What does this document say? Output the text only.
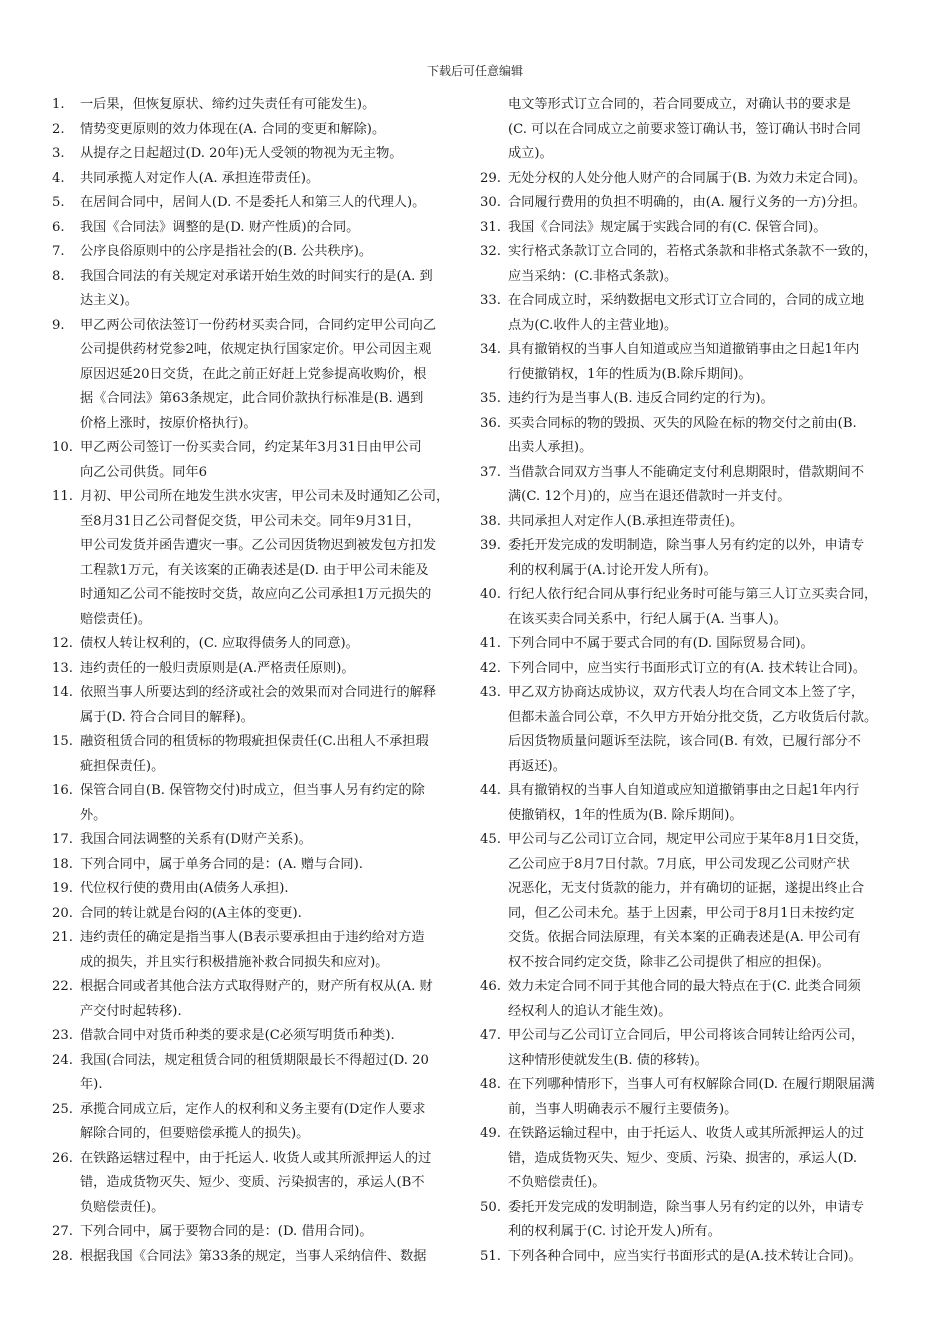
下载后可任意编辑
1.	一后果，但恢复原状、缔约过失责任有可能发生)。
2.	情势变更原则的效力体现在(A. 合同的变更和解除)。
3.	从提存之日起超过(D. 20年)无人受领的物视为无主物。
4.	共同承揽人对定作人(A. 承担连带责任)。
5.	在居间合同中，居间人(D. 不是委托人和第三人的代理人)。
6.	我国《合同法》调整的是(D. 财产性质)的合同。
7.	公序良俗原则中的公序是指社会的(B. 公共秩序)。
8.	我国合同法的有关规定对承诺开始生效的时间实行的是(A. 到
达主义)。
9.	甲乙两公司依法签订一份药材买卖合同，合同约定甲公司向乙
公司提供药材党参2吨，依规定执行国家定价。甲公司因主观
原因迟延20日交货，在此之前正好赶上党参提高收购价，根
据《合同法》第63条规定，此合同价款执行标准是(B. 遇到
价格上涨时，按原价格执行)。
10. 甲乙两公司签订一份买卖合同，约定某年3月31日由甲公司
向乙公司供货。同年6
11. 月初、甲公司所在地发生洪水灾害，甲公司未及时通知乙公司，
至8月31日乙公司督促交货，甲公司未交。同年9月31日，
甲公司发货并函告遭灾一事。乙公司因货物迟到被发包方扣发
工程款1万元，有关该案的正确表述是(D. 由于甲公司未能及
时通知乙公司不能按时交货，故应向乙公司承担1万元损失的
赔偿责任)。
12. 债权人转让权利的，(C. 应取得债务人的同意)。
13. 违约责任的一般归责原则是(A.严格责任原则)。
14. 依照当事人所要达到的经济或社会的效果而对合同进行的解释
属于(D. 符合合同目的解释)。
15. 融资租赁合同的租赁标的物瑕疵担保责任(C.出租人不承担瑕
疵担保责任)。
16. 保管合同自(B. 保管物交付)时成立，但当事人另有约定的除
外。
17. 我国合同法调整的关系有(D财产关系)。
18. 下列合同中，属于单务合同的是：(A. 赠与合同).
19. 代位权行使的费用由(A债务人承担).
20. 合同的转让就是台闷的(A主体的变更).
21. 违约责任的确定是指当事人(B表示要承担由于违约给对方造
成的损失，并且实行积极措施补救合同损失和应对)。
22. 根据合同或者其他合法方式取得财产的，财产所有权从(A. 财
产交付时起转移).
23. 借款合同中对货币种类的要求是(C必须写明货币种类).
24. 我国(合同法，规定租赁合同的租赁期限最长不得超过(D. 20
年).
25. 承揽合同成立后，定作人的权利和义务主要有(D定作人要求
解除合同的，但要赔偿承揽人的损失)。
26. 在铁路运辖过程中，由于托运人. 收货人或其所派押运人的过
错，造成货物灭失、短少、变质、污染损害的，承运人(B不
负赔偿责任)。
27. 下列合同中，属于要物合同的是：(D. 借用合同)。
28. 根据我国《合同法》第33条的规定，当事人采纳信件、数据
电文等形式订立合同的，若合同要成立，对确认书的要求是
(C. 可以在合同成立之前要求签订确认书，签订确认书时合同
成立)。
29. 无处分权的人处分他人财产的合同属于(B. 为效力未定合同)。
30. 合同履行费用的负担不明确的，由(A. 履行义务的一方)分担。
31. 我国《合同法》规定属于实践合同的有(C. 保管合同)。
32. 实行格式条款订立合同的，若格式条款和非格式条款不一致的，
应当采纳：(C.非格式条款)。
33. 在合同成立时，采纳数据电文形式订立合同的，合同的成立地
点为(C.收件人的主营业地)。
34. 具有撤销权的当事人自知道或应当知道撤销事由之日起1年内
行使撤销权，1年的性质为(B.除斥期间)。
35. 违约行为是当事人(B. 违反合同约定的行为)。
36. 买卖合同标的物的毁损、灭失的风险在标的物交付之前由(B.
出卖人承担)。
37. 当借款合同双方当事人不能确定支付利息期限时，借款期间不
满(C. 12个月)的，应当在退还借款时一并支付。
38. 共同承担人对定作人(B.承担连带责任)。
39. 委托开发完成的发明制造，除当事人另有约定的以外，申请专
利的权利属于(A.讨论开发人所有)。
40. 行纪人依行纪合同从事行纪业务时可能与第三人订立买卖合同，
在该买卖合同关系中，行纪人属于(A. 当事人)。
41. 下列合同中不属于要式合同的有(D. 国际贸易合同)。
42. 下列合同中，应当实行书面形式订立的有(A. 技术转让合同)。
43. 甲乙双方协商达成协议，双方代表人均在合同文本上签了字，
但都未盖合同公章，不久甲方开始分批交货，乙方收货后付款。
后因货物质量问题诉至法院，该合同(B. 有效，已履行部分不
再返还)。
44. 具有撤销权的当事人自知道或应知道撤销事由之日起1年内行
使撤销权，1年的性质为(B. 除斥期间)。
45. 甲公司与乙公司订立合同，规定甲公司应于某年8月1日交货，
乙公司应于8月7日付款。7月底，甲公司发现乙公司财产状
况恶化，无支付货款的能力，并有确切的证据，遂提出终止合
同，但乙公司未允。基于上因素，甲公司于8月1日未按约定
交货。依据合同法原理，有关本案的正确表述是(A. 甲公司有
权不按合同约定交货，除非乙公司提供了相应的担保)。
46. 效力未定合同不同于其他合同的最大特点在于(C. 此类合同须
经权利人的追认才能生效)。
47. 甲公司与乙公司订立合同后，甲公司将该合同转让给丙公司，
这种情形使就发生(B. 债的移转)。
48. 在下列哪种情形下，当事人可有权解除合同(D. 在履行期限届满
前，当事人明确表示不履行主要债务)。
49. 在铁路运输过程中，由于托运人、收货人或其所派押运人的过
错，造成货物灭失、短少、变质、污染、损害的，承运人(D.
不负赔偿责任)。
50. 委托开发完成的发明制造，除当事人另有约定的以外，申请专
利的权利属于(C. 讨论开发人)所有。
51. 下列各种合同中，应当实行书面形式的是(A.技术转让合同)。
